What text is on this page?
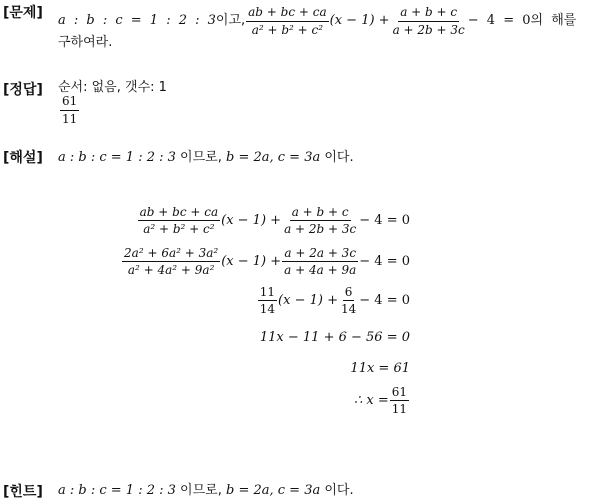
[문제] a : b : c = 1 : 2 : 3 이고, $\frac{ab + bc + ca}{\text{a² + b² + c²}} (x - 1) + \frac{a + b + c}{a + 2b + 3c} - 4 = 0$ 의 해를
구하여라.
[정답] 순서: 없음, 갯수: 1
$\frac{61}{11}$
[해설] a : b : c = 1 : 2 : 3 이므로, b = 2a, c = 3a 이다.
$\frac{ab + bc + ca}{\text{a² + b² + c²}} (x - 1) + \frac{a + b + c}{a + 2b + 3c} - 4 = 0$
$\frac{\text{2a² + 6a² + 3a²}}{\text{a² + 4a² + 9a²}} (x - 1) + \frac{a + 2a + 3c}{a + 4a + 9a} - 4 = 0$
$\frac{11}{14} (x - 1) + \frac{6}{14} - 4 = 0$
11x − 11 + 6 − 56 = 0
11x = 61
∴ $x = \frac{61}{11}$
[힌트] a : b : c = 1 : 2 : 3 이므로, b = 2a, c = 3a 이다.
